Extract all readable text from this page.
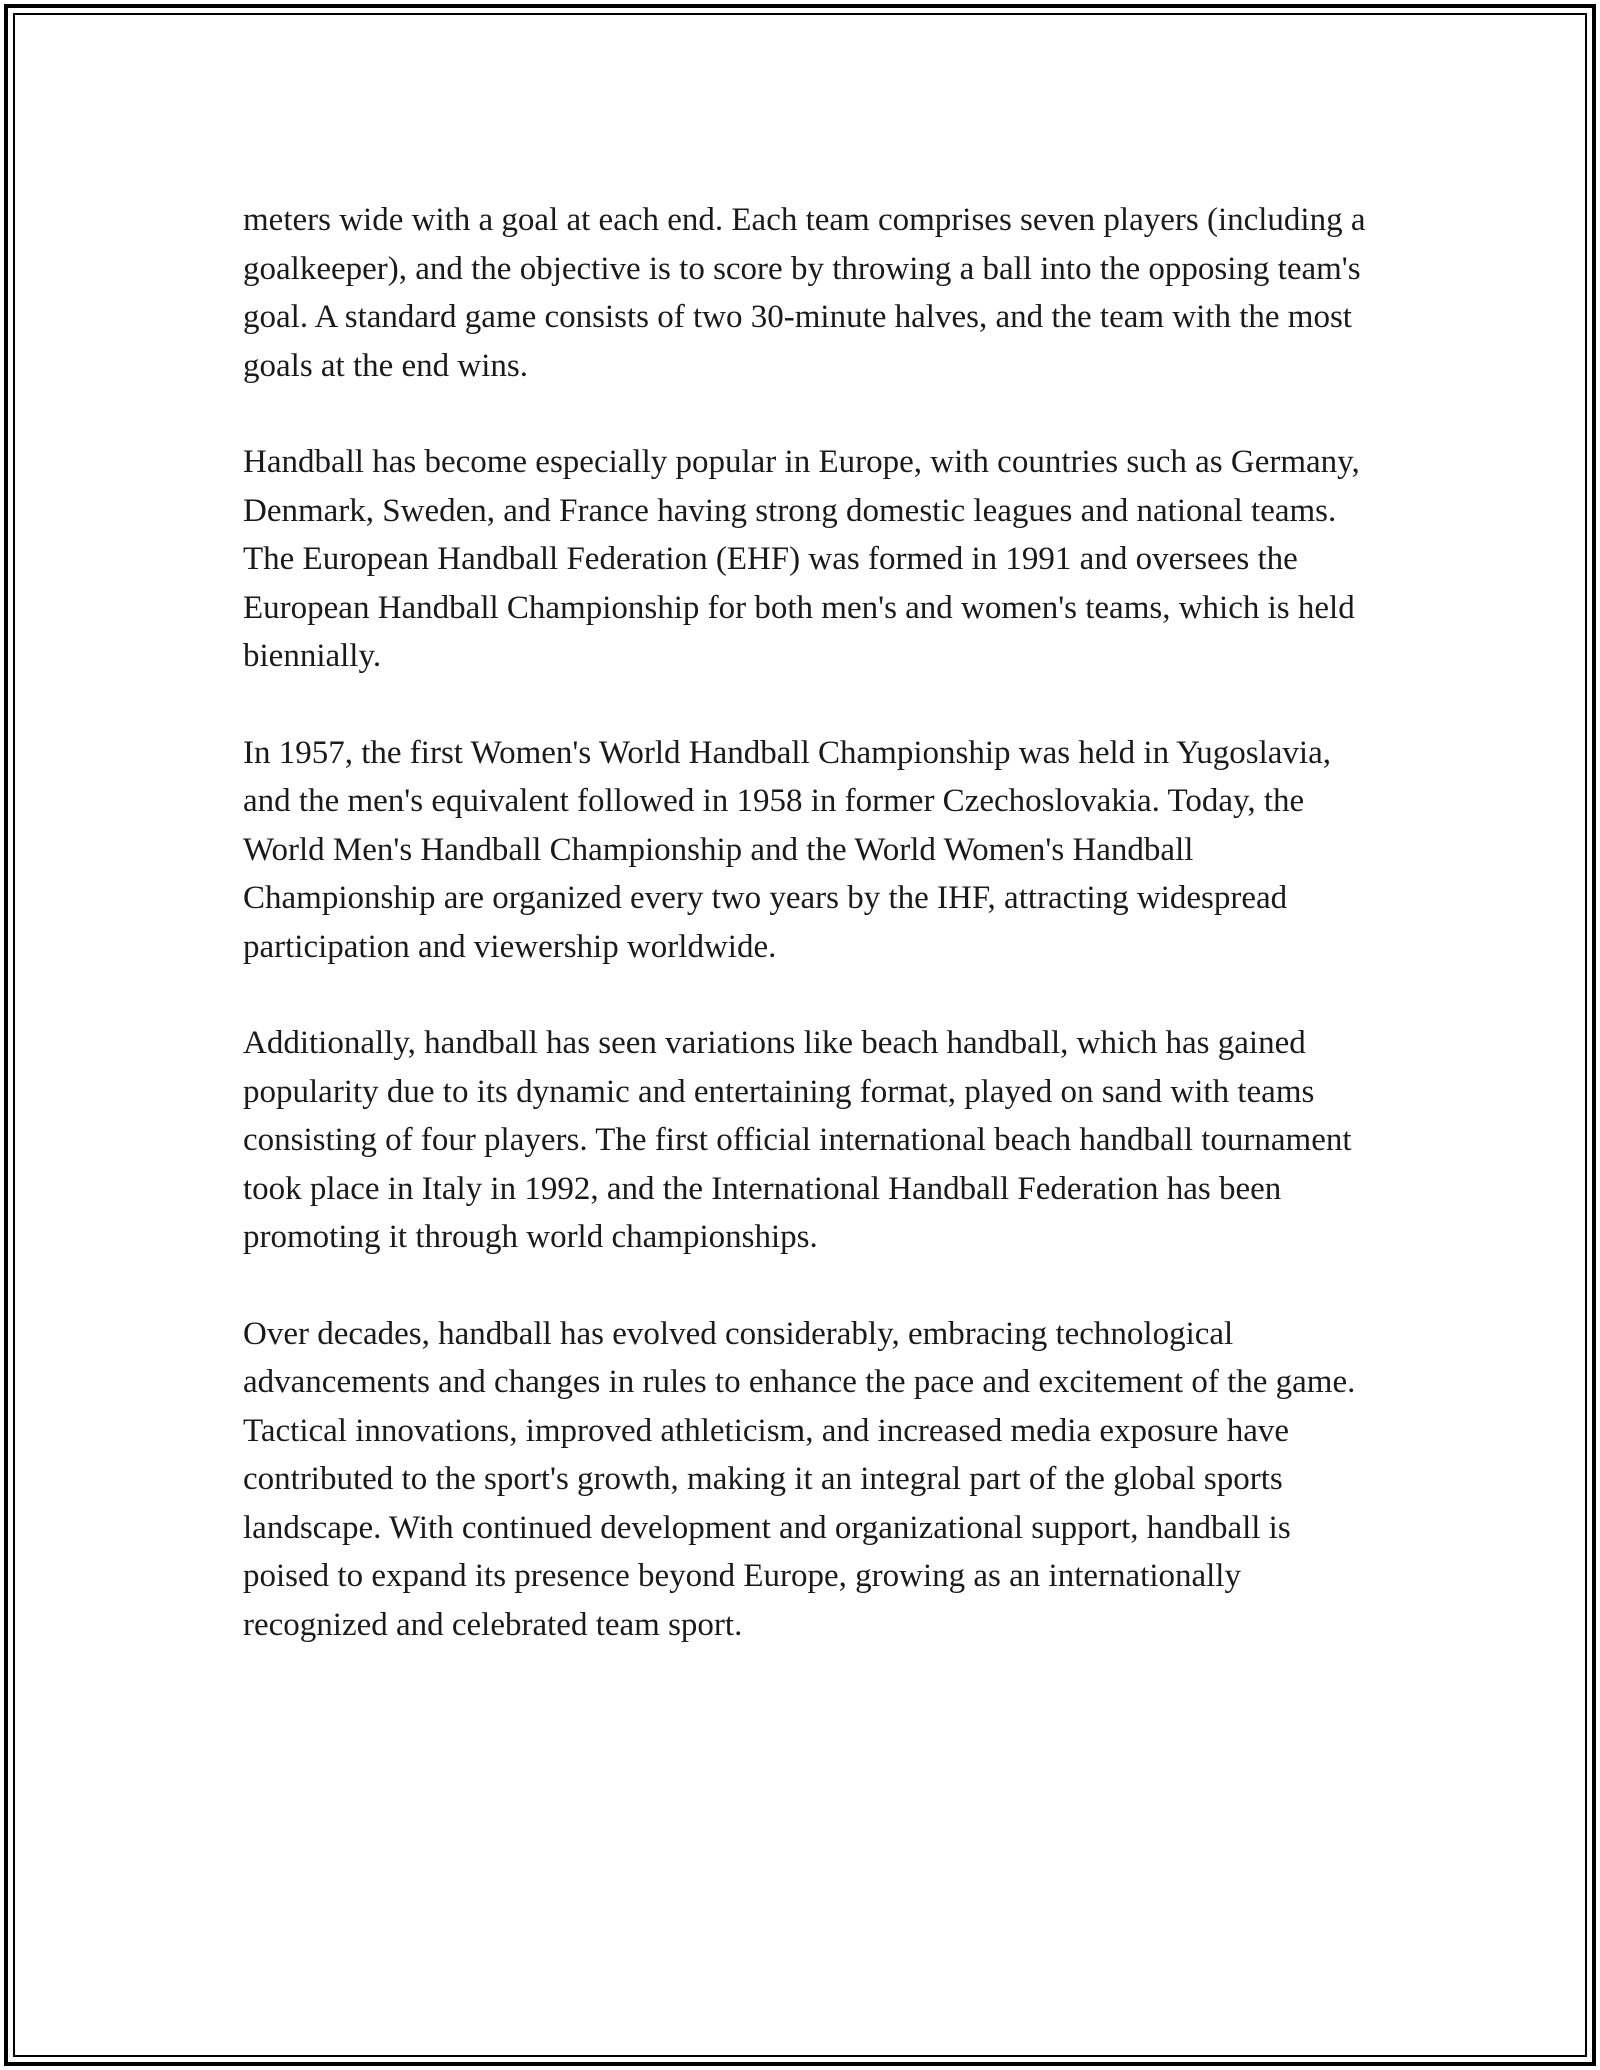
meters wide with a goal at each end. Each team comprises seven players (including a goalkeeper), and the objective is to score by throwing a ball into the opposing team's goal. A standard game consists of two 30-minute halves, and the team with the most goals at the end wins.

Handball has become especially popular in Europe, with countries such as Germany, Denmark, Sweden, and France having strong domestic leagues and national teams. The European Handball Federation (EHF) was formed in 1991 and oversees the European Handball Championship for both men's and women's teams, which is held biennially.

In 1957, the first Women's World Handball Championship was held in Yugoslavia, and the men's equivalent followed in 1958 in former Czechoslovakia. Today, the World Men's Handball Championship and the World Women's Handball Championship are organized every two years by the IHF, attracting widespread participation and viewership worldwide.

Additionally, handball has seen variations like beach handball, which has gained popularity due to its dynamic and entertaining format, played on sand with teams consisting of four players. The first official international beach handball tournament took place in Italy in 1992, and the International Handball Federation has been promoting it through world championships.

Over decades, handball has evolved considerably, embracing technological advancements and changes in rules to enhance the pace and excitement of the game. Tactical innovations, improved athleticism, and increased media exposure have contributed to the sport's growth, making it an integral part of the global sports landscape. With continued development and organizational support, handball is poised to expand its presence beyond Europe, growing as an internationally recognized and celebrated team sport.
